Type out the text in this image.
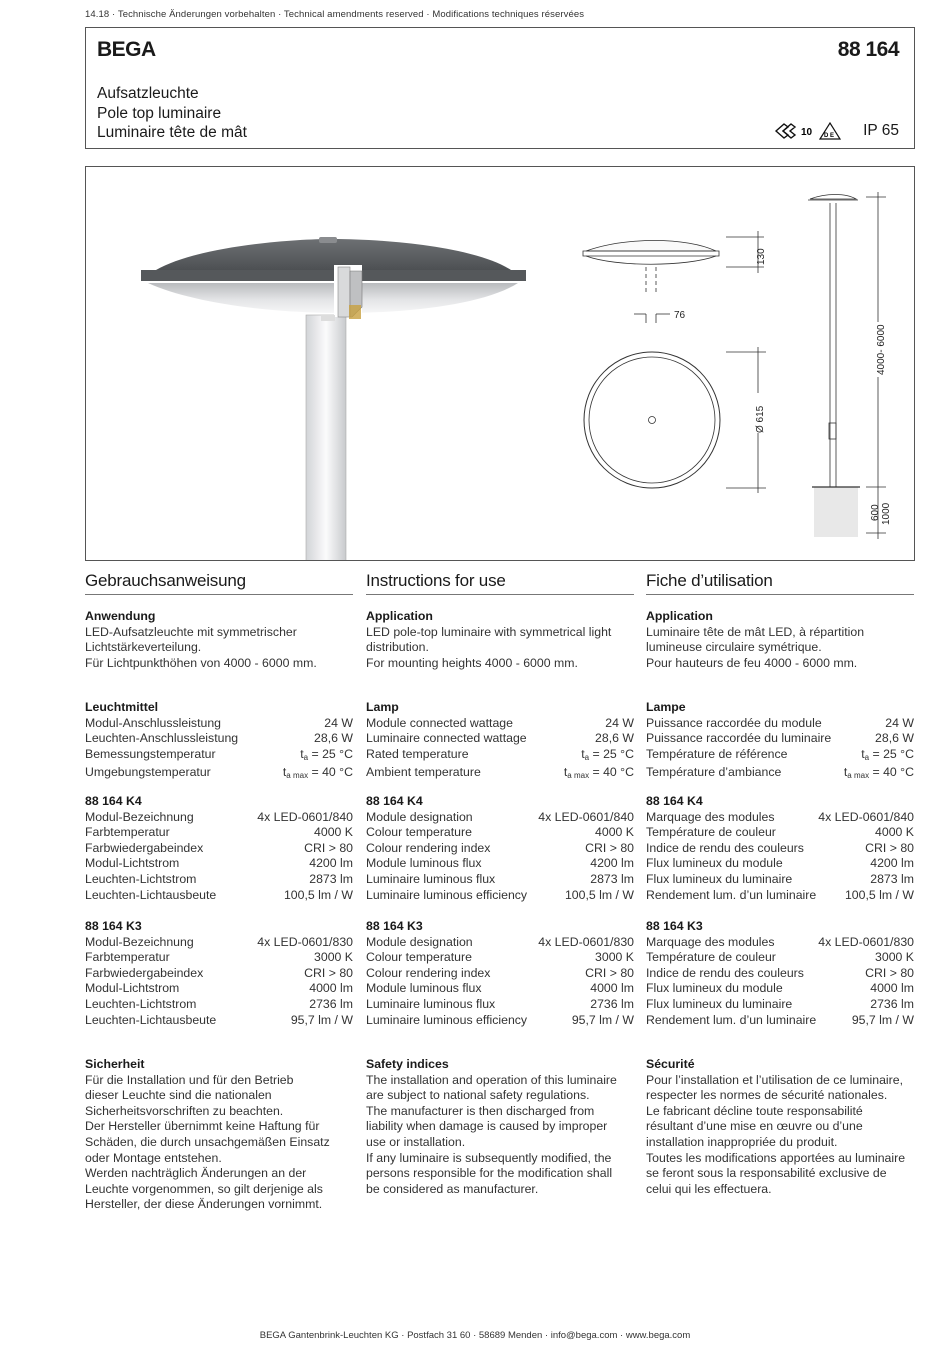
14.18 · Technische Änderungen vorbehalten · Technical amendments reserved · Modifications techniques réservées
BEGA	88 164
Aufsatzleuchte
Pole top luminaire
Luminaire tête de mât	10 D E IP 65
76
130
Ø 615
4000- 6000
600 1000
Gebrauchsanweisung
Anwendung
LED-Aufsatzleuchte mit symmetrischer
Lichtstärkeverteilung.
Für Lichtpunkthöhen von 4000 - 6000 mm.
Leuchtmittel
Modul-Anschlussleistung	24 W
Leuchten-Anschlussleistung	28,6 W
Bemessungstemperatur	$t_a = 25$ °C
Umgebungstemperatur	$t_{a max} = 40$ °C
88 164 K4
Modul-Bezeichnung	4x LED-0601/840
Farbtemperatur	4000 K
Farbwiedergabeindex	CRI > 80
Modul-Lichtstrom	4200 lm
Leuchten-Lichtstrom	2873 lm
Leuchten-Lichtausbeute	100,5 lm / W
88 164 K3
Modul-Bezeichnung	4x LED-0601/830
Farbtemperatur	3000 K
Farbwiedergabeindex	CRI > 80
Modul-Lichtstrom	4000 lm
Leuchten-Lichtstrom	2736 lm
Leuchten-Lichtausbeute	95,7 lm / W
Sicherheit
Für die Installation und für den Betrieb
dieser Leuchte sind die nationalen
Sicherheitsvorschriften zu beachten.
Der Hersteller übernimmt keine Haftung für
Schäden, die durch unsachgemäßen Einsatz
oder Montage entstehen.
Werden nachträglich Änderungen an der
Leuchte vorgenommen, so gilt derjenige als
Hersteller, der diese Änderungen vornimmt.
Instructions for use
Application
LED pole-top luminaire with symmetrical light
distribution.
For mounting heights 4000 - 6000 mm.
Lamp
Module connected wattage	24 W
Luminaire connected wattage	28,6 W
Rated temperature	$t_a = 25$ °C
Ambient temperature	$t_{a max} = 40$ °C
88 164 K4
Module designation	4x LED-0601/840
Colour temperature	4000 K
Colour rendering index	CRI > 80
Module luminous flux	4200 lm
Luminaire luminous flux	2873 lm
Luminaire luminous efficiency	100,5 lm / W
88 164 K3
Module designation	4x LED-0601/830
Colour temperature	3000 K
Colour rendering index	CRI > 80
Module luminous flux	4000 lm
Luminaire luminous flux	2736 lm
Luminaire luminous efficiency	95,7 lm / W
Safety indices
The installation and operation of this luminaire
are subject to national safety regulations.
The manufacturer is then discharged from
liability when damage is caused by improper
use or installation.
If any luminaire is subsequently modified, the
persons responsible for the modification shall
be considered as manufacturer.
Fiche d’utilisation
Application
Luminaire tête de mât LED, à répartition
lumineuse circulaire symétrique.
Pour hauteurs de feu 4000 - 6000 mm.
Lampe
Puissance raccordée du module	24 W
Puissance raccordée du luminaire	28,6 W
Température de référence	$t_a = 25$ °C
Température d’ambiance	$t_{a max} = 40$ °C
88 164 K4
Marquage des modules	4x LED-0601/840
Température de couleur	4000 K
Indice de rendu des couleurs	CRI > 80
Flux lumineux du module	4200 lm
Flux lumineux du luminaire	2873 lm
Rendement lum. d’un luminaire 100,5 lm / W
88 164 K3
Marquage des modules	4x LED-0601/830
Température de couleur	3000 K
Indice de rendu des couleurs	CRI > 80
Flux lumineux du module	4000 lm
Flux lumineux du luminaire	2736 lm
Rendement lum. d’un luminaire	95,7 lm / W
Sécurité
Pour l’installation et l’utilisation de ce luminaire,
respecter les normes de sécurité nationales.
Le fabricant décline toute responsabilité
résultant d’une mise en œuvre ou d’une
installation inappropriée du produit.
Toutes les modifications apportées au luminaire
se feront sous la responsabilité exclusive de
celui qui les effectuera.
BEGA Gantenbrink-Leuchten KG · Postfach 31 60 · 58689 Menden · info@bega.com · www.bega.com
